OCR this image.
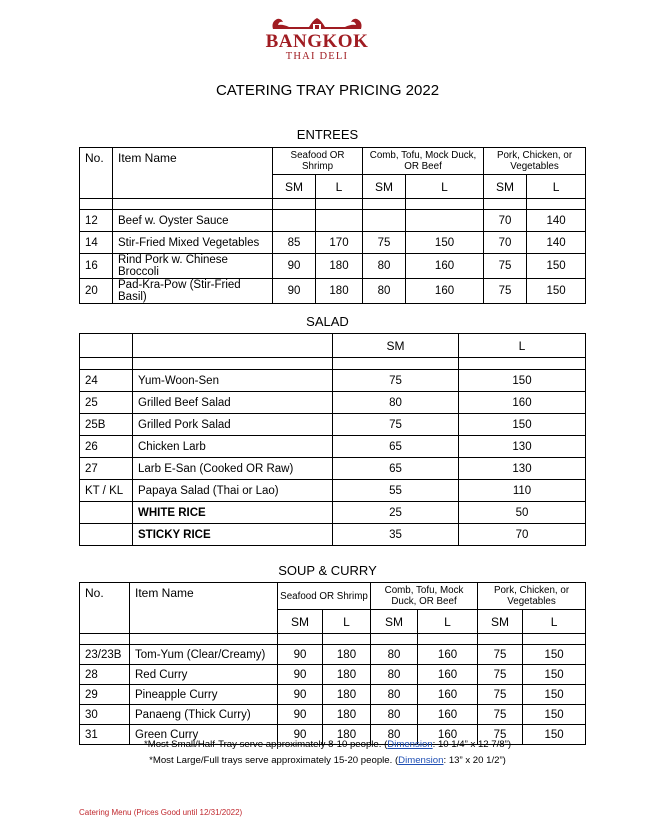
BANGKOK
THAI DELI
CATERING TRAY PRICING 2022
ENTREES
No.	Item Name	Seafood OR Shrimp		Comb, Tofu, Mock Duck, OR Beef		Pork, Chicken, or Vegetables	
		SM	L	SM	L	SM	L

12	Beef w. Oyster Sauce					70	140
14	Stir-Fried Mixed Vegetables	85	170	75	150	70	140
16	Rind Pork w. Chinese Broccoli	90	180	80	160	75	150
20	Pad-Kra-Pow (Stir-Fried Basil)	90	180	80	160	75	150
SALAD
		SM	L

24	Yum-Woon-Sen	75	150
25	Grilled Beef Salad	80	160
25B	Grilled Pork Salad	75	150
26	Chicken Larb	65	130
27	Larb E-San (Cooked OR Raw)	65	130
KT / KL	Papaya Salad (Thai or Lao)	55	110
	WHITE RICE	25	50
	STICKY RICE	35	70
SOUP & CURRY
No.	Item Name	Seafood OR Shrimp		Comb, Tofu, Mock Duck, OR Beef		Pork, Chicken, or Vegetables	
		SM	L	SM	L	SM	L

23/23B	Tom-Yum (Clear/Creamy)	90	180	80	160	75	150
28	Red Curry	90	180	80	160	75	150
29	Pineapple Curry	90	180	80	160	75	150
30	Panaeng (Thick Curry)	90	180	80	160	75	150
31	Green Curry	90	180	80	160	75	150
*Most Small/Half-Tray serve approximately 8-10 people. (Dimension: 10 1/4” x 12 7/8”)
*Most Large/Full trays serve approximately 15-20 people. (Dimension: 13” x 20 1/2”)
Catering Menu (Prices Good until 12/31/2022)
